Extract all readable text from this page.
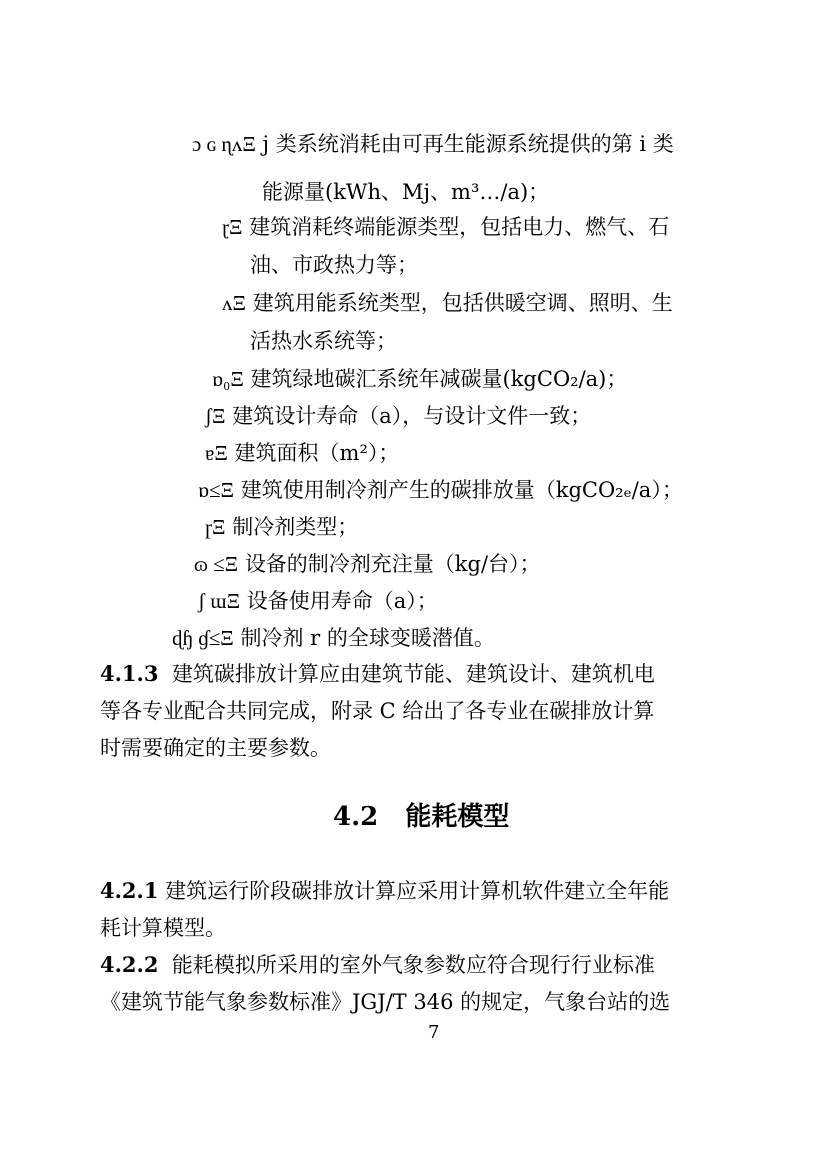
ɔ ɢ ɳʌΞ j 类系统消耗由可再生能源系统提供的第 i 类
能源量(kWh、Mj、m³…/a)；
ɽΞ 建筑消耗终端能源类型，包括电力、燃气、石
油、市政热力等；
ʌΞ 建筑用能系统类型，包括供暖空调、照明、生
活热水系统等；
ɒ₀Ξ 建筑绿地碳汇系统年减碳量(kgCO₂/a)；
ʃΞ 建筑设计寿命（a），与设计文件一致；
ɐΞ 建筑面积（m²）；
ɒ≤Ξ 建筑使用制冷剂产生的碳排放量（kgCO₂ₑ/a）；
ɼΞ 制冷剂类型；
ɷ ≤Ξ 设备的制冷剂充注量（kg/台）；
ʃ ɯΞ 设备使用寿命（a）；
ɖɧ ɠ≤Ξ 制冷剂 r 的全球变暖潜值。
4.1.3 建筑碳排放计算应由建筑节能、建筑设计、建筑机电
等各专业配合共同完成，附录 C 给出了各专业在碳排放计算
时需要确定的主要参数。
4.2 能耗模型
4.2.1 建筑运行阶段碳排放计算应采用计算机软件建立全年能
耗计算模型。
4.2.2 能耗模拟所采用的室外气象参数应符合现行行业标准
《建筑节能气象参数标准》JGJ/T 346 的规定，气象台站的选
7
